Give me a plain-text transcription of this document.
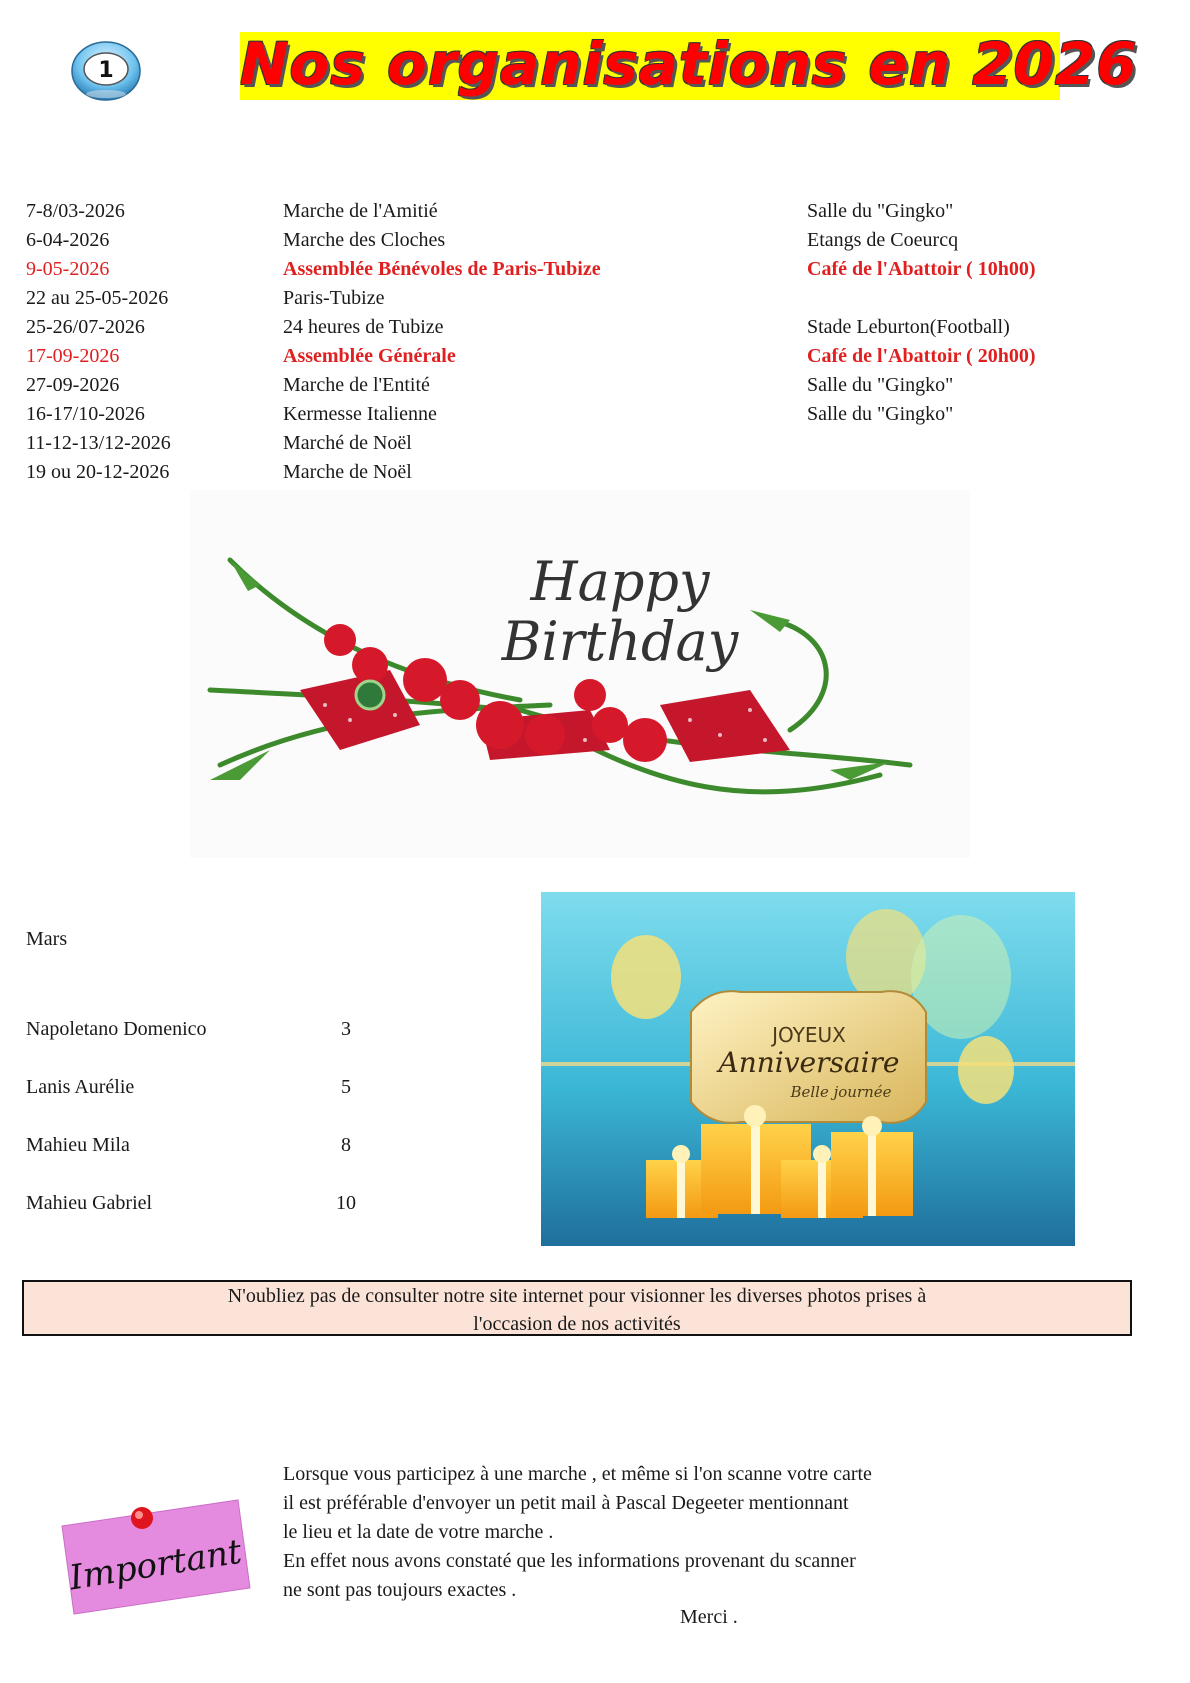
1 Nos organisations en 2026
7-8/03-2026	Marche de l'Amitié	Salle du "Gingko"
6-04-2026	Marche des Cloches	Etangs de Coeurcq
9-05-2026	Assemblée Bénévoles de Paris-Tubize	Café de l'Abattoir ( 10h00)
22 au 25-05-2026	Paris-Tubize
25-26/07-2026	24 heures de Tubize	Stade Leburton(Football)
17-09-2026	Assemblée Générale	Café de l'Abattoir ( 20h00)
27-09-2026	Marche de l'Entité	Salle du "Gingko"
16-17/10-2026	Kermesse Italienne	Salle du "Gingko"
11-12-13/12-2026	Marché de Noël
19 ou 20-12-2026	Marche de Noël
Happy
Birthday
Mars
Napoletano Domenico	3
Lanis Aurélie	5
Mahieu Mila	8
Mahieu Gabriel	10
JOYEUX
Anniversaire
Belle journée
N'oubliez pas de consulter notre site internet pour visionner les diverses photos prises à
l'occasion de nos activités
Important
Lorsque vous participez à une marche , et même si l'on scanne votre carte
il est préférable d'envoyer un petit mail à Pascal Degeeter mentionnant
le lieu et la date de votre marche .
En effet nous avons constaté que les informations provenant du scanner
ne sont pas toujours exactes .
Merci .
